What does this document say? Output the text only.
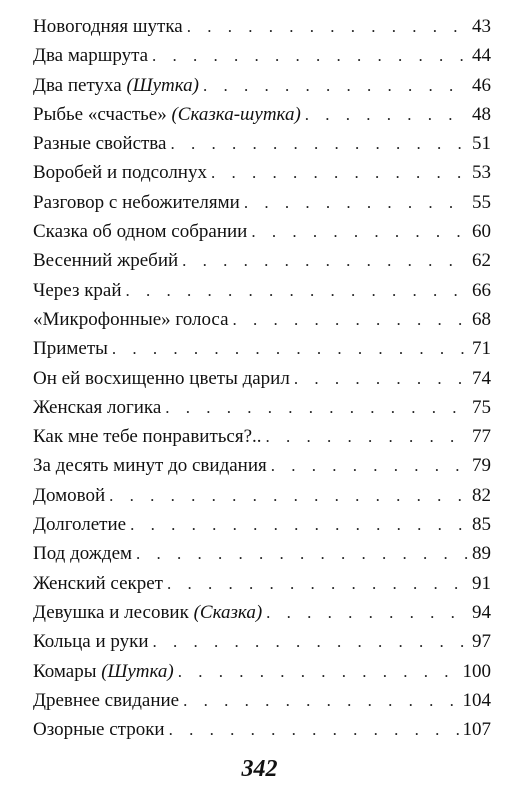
Новогодняя шутка . . .	43
Два маршрута . . .	44
Два петуха (Шутка) . . .	46
Рыбье «счастье» (Сказка-шутка) . . .	48
Разные свойства . . .	51
Воробей и подсолнух . . .	53
Разговор с небожителями . . .	55
Сказка об одном собрании . . .	60
Весенний жребий . . .	62
Через край . . .	66
«Микрофонные» голоса . . .	68
Приметы . . .	71
Он ей восхищенно цветы дарил . . .	74
Женская логика . . .	75
Как мне тебе понравиться?.. . . .	77
За десять минут до свидания . . .	79
Домовой . . .	82
Долголетие . . .	85
Под дождем . . .	89
Женский секрет . . .	91
Девушка и лесовик (Сказка) . . .	94
Кольца и руки . . .	97
Комары (Шутка) . . .	100
Древнее свидание . . .	104
Озорные строки . . .	107
342
